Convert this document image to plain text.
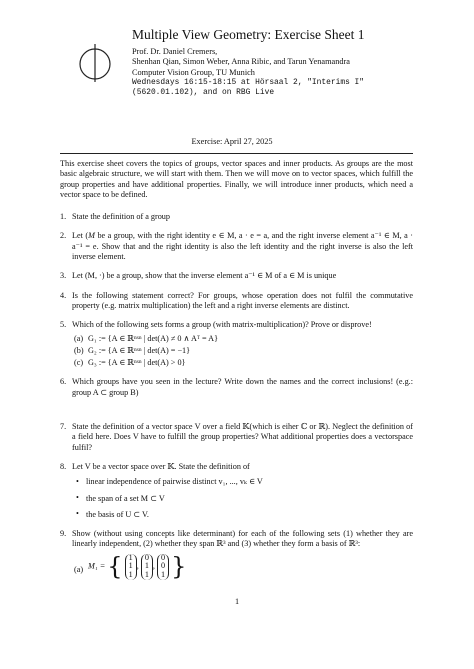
Multiple View Geometry: Exercise Sheet 1
Prof. Dr. Daniel Cremers,
Shenhan Qian, Simon Weber, Anna Ribic, and Tarun Yenamandra
Computer Vision Group, TU Munich
Wednesdays 16:15-18:15 at Hörsaal 2, "Interims I"
(5620.01.102), and on RBG Live
Exercise: April 27, 2025

This exercise sheet covers the topics of groups, vector spaces and inner products. As groups are the most basic algebraic structure, we will start with them. Then we will move on to vector spaces, which fulfill the group properties and have additional properties. Finally, we will introduce inner products, which need a vector space to be defined.

1. State the definition of a group
2. Let (M be a group, with the right identity e ∈ M, a · e = a, and the right inverse element a⁻¹ ∈ M, a · a⁻¹ = e. Show that and the right identity is also the left identity and the right inverse is also the left inverse element.
3. Let (M, ·) be a group, show that the inverse element a⁻¹ ∈ M of a ∈ M is unique
4. Is the following statement correct? For groups, whose operation does not fulfil the commutative property (e.g. matrix multiplication) the left and a right inverse elements are distinct.
5. Which of the following sets forms a group (with matrix-multiplication)? Prove or disprove!
(a) G₁ := {A ∈ ℝⁿˣⁿ | det(A) ≠ 0 ∧ Aᵀ = A}
(b) G₂ := {A ∈ ℝⁿˣⁿ | det(A) = −1}
(c) G₃ := {A ∈ ℝⁿˣⁿ | det(A) > 0}
6. Which groups have you seen in the lecture? Write down the names and the correct inclusions! (e.g.: group A ⊂ group B)
7. State the definition of a vector space V over a field 𝕂(which is eiher ℂ or ℝ). Neglect the definition of a field here. Does V have to fulfill the group properties? What additional properties does a vectorspace fulfil?
8. Let V be a vector space over 𝕂. State the definition of
• linear independence of pairwise distinct v₁, ..., vₖ ∈ V
• the span of a set M ⊂ V
• the basis of U ⊂ V.
9. Show (without using concepts like determinant) for each of the following sets (1) whether they are linearly independent, (2) whether they span ℝ³ and (3) whether they form a basis of ℝ³:
(a) M₁ = { 1
1
1, 0
1
1, 0
0
1 }
1
